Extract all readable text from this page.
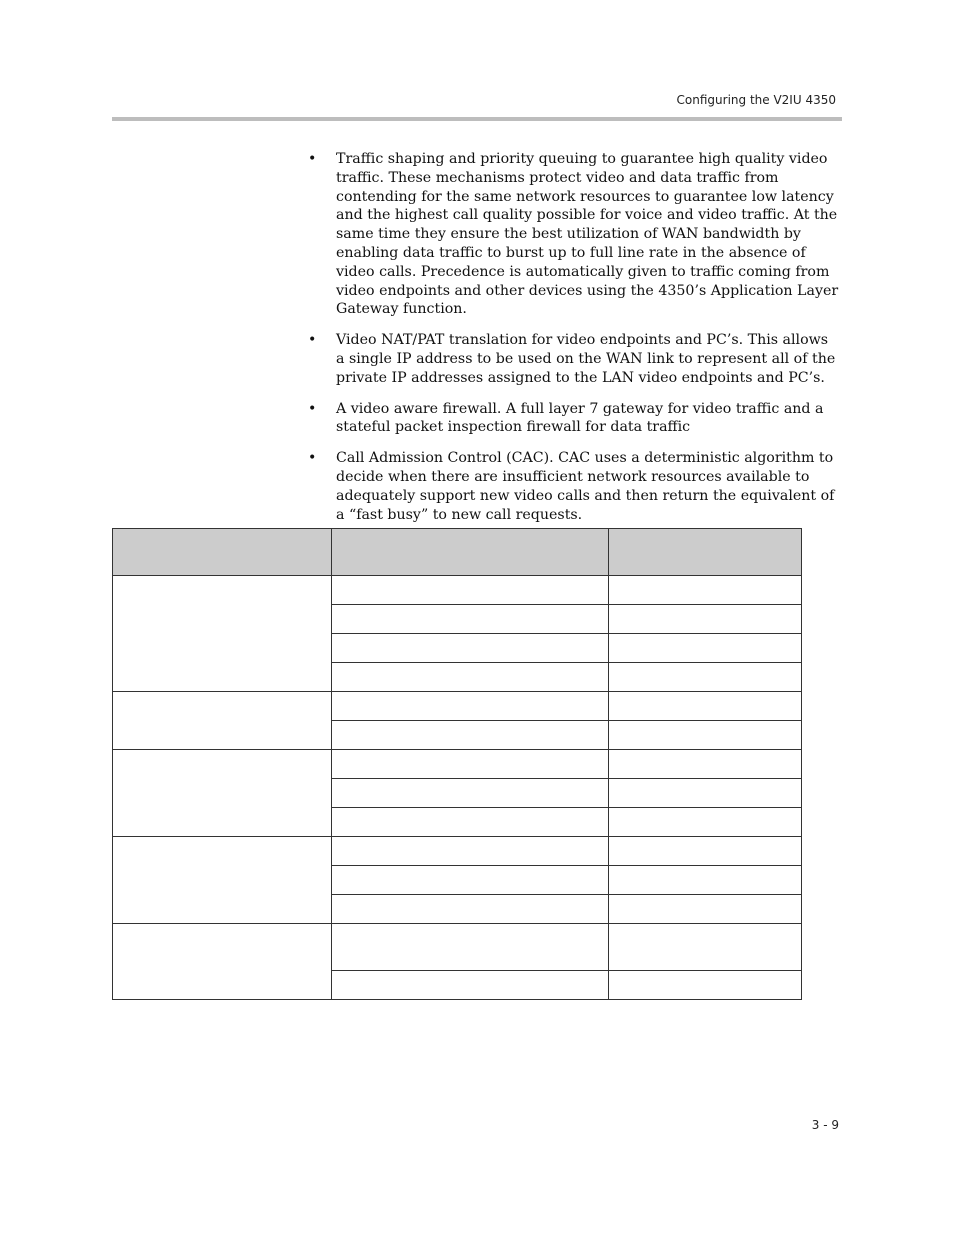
Configuring the V2IU 4350
• Traffic shaping and priority queuing to guarantee high quality video traffic. These mechanisms protect video and data traffic from contending for the same network resources to guarantee low latency and the highest call quality possible for voice and video traffic. At the same time they ensure the best utilization of WAN bandwidth by enabling data traffic to burst up to full line rate in the absence of video calls. Precedence is automatically given to traffic coming from video endpoints and other devices using the 4350’s Application Layer Gateway function.
• Video NAT/PAT translation for video endpoints and PC’s. This allows a single IP address to be used on the WAN link to represent all of the private IP addresses assigned to the LAN video endpoints and PC’s.
• A video aware firewall. A full layer 7 gateway for video traffic and a stateful packet inspection firewall for data traffic
• Call Admission Control (CAC). CAC uses a deterministic algorithm to decide when there are insufficient network resources available to adequately support new video calls and then return the equivalent of a “fast busy” to new call requests.

3 - 9
